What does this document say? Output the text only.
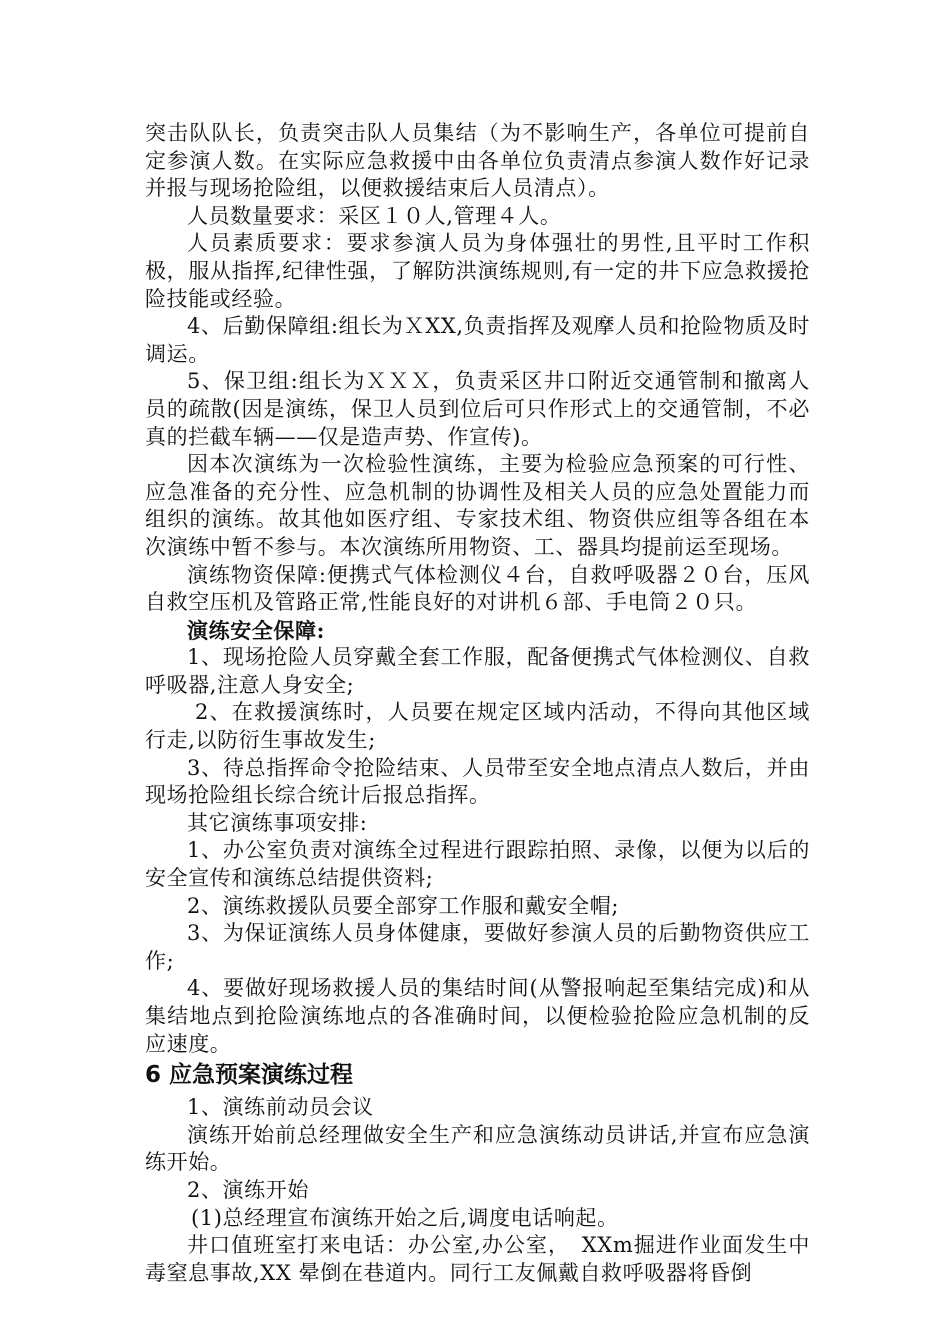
突击队队长，负责突击队人员集结（为不影响生产，各单位可提前自定参演人数。在实际应急救援中由各单位负责清点参演人数作好记录并报与现场抢险组，以便救援结束后人员清点）。

人员数量要求：采区１０人,管理４人。

人员素质要求：要求参演人员为身体强壮的男性,且平时工作积极，服从指挥,纪律性强，了解防洪演练规则,有一定的井下应急救援抢险技能或经验。

4、后勤保障组:组长为ＸXX,负责指挥及观摩人员和抢险物质及时调运。

5、保卫组:组长为ＸＸＸ，负责采区井口附近交通管制和撤离人员的疏散(因是演练，保卫人员到位后可只作形式上的交通管制，不必真的拦截车辆——仅是造声势、作宣传)。

因本次演练为一次检验性演练，主要为检验应急预案的可行性、应急准备的充分性、应急机制的协调性及相关人员的应急处置能力而组织的演练。故其他如医疗组、专家技术组、物资供应组等各组在本次演练中暂不参与。本次演练所用物资、工、器具均提前运至现场。

演练物资保障:便携式气体检测仪４台，自救呼吸器２０台，压风自救空压机及管路正常,性能良好的对讲机６部、手电筒２０只。

演练安全保障:

1、现场抢险人员穿戴全套工作服，配备便携式气体检测仪、自救呼吸器,注意人身安全;

2、在救援演练时，人员要在规定区域内活动，不得向其他区域行走,以防衍生事故发生;

3、待总指挥命令抢险结束、人员带至安全地点清点人数后，并由现场抢险组长综合统计后报总指挥。

其它演练事项安排:

1、办公室负责对演练全过程进行跟踪拍照、录像，以便为以后的安全宣传和演练总结提供资料;

2、演练救援队员要全部穿工作服和戴安全帽;

3、为保证演练人员身体健康，要做好参演人员的后勤物资供应工作;

4、要做好现场救援人员的集结时间(从警报响起至集结完成)和从集结地点到抢险演练地点的各准确时间，以便检验抢险应急机制的反应速度。

6 应急预案演练过程

1、演练前动员会议

演练开始前总经理做安全生产和应急演练动员讲话,并宣布应急演练开始。

2、演练开始

(1)总经理宣布演练开始之后,调度电话响起。

井口值班室打来电话：办公室,办公室，　XXm掘进作业面发生中毒窒息事故,XX 晕倒在巷道内。同行工友佩戴自救呼吸器将昏倒
